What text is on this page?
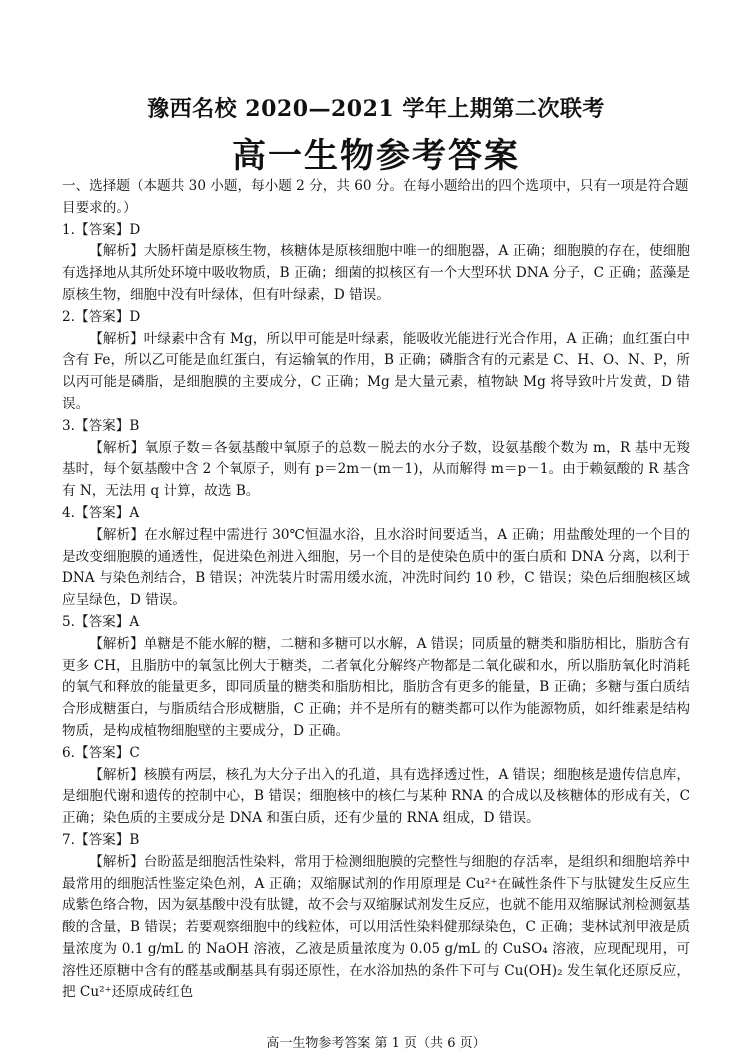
豫西名校 2020—2021 学年上期第二次联考
高一生物参考答案
一、选择题（本题共 30 小题，每小题 2 分，共 60 分。在每小题给出的四个选项中，只有一项是符合题目要求的。）

1.【答案】D

【解析】大肠杆菌是原核生物，核糖体是原核细胞中唯一的细胞器，A 正确；细胞膜的存在，使细胞有选择地从其所处环境中吸收物质，B 正确；细菌的拟核区有一个大型环状 DNA 分子，C 正确；蓝藻是原核生物，细胞中没有叶绿体，但有叶绿素，D 错误。

2.【答案】D

【解析】叶绿素中含有 Mg，所以甲可能是叶绿素，能吸收光能进行光合作用，A 正确；血红蛋白中含有 Fe，所以乙可能是血红蛋白，有运输氧的作用，B 正确；磷脂含有的元素是 C、H、O、N、P，所以丙可能是磷脂，是细胞膜的主要成分，C 正确；Mg 是大量元素，植物缺 Mg 将导致叶片发黄，D 错误。

3.【答案】B

【解析】氧原子数＝各氨基酸中氧原子的总数－脱去的水分子数，设氨基酸个数为 m，R 基中无羧基时，每个氨基酸中含 2 个氧原子，则有 p＝2m－(m－1)，从而解得 m＝p－1。由于赖氨酸的 R 基含有 N，无法用 q 计算，故选 B。

4.【答案】A

【解析】在水解过程中需进行 30℃恒温水浴，且水浴时间要适当，A 正确；用盐酸处理的一个目的是改变细胞膜的通透性，促进染色剂进入细胞，另一个目的是使染色质中的蛋白质和 DNA 分离，以利于 DNA 与染色剂结合，B 错误；冲洗装片时需用缓水流，冲洗时间约 10 秒，C 错误；染色后细胞核区域应呈绿色，D 错误。

5.【答案】A

【解析】单糖是不能水解的糖，二糖和多糖可以水解，A 错误；同质量的糖类和脂肪相比，脂肪含有更多 CH，且脂肪中的氧氢比例大于糖类，二者氧化分解终产物都是二氧化碳和水，所以脂肪氧化时消耗的氧气和释放的能量更多，即同质量的糖类和脂肪相比，脂肪含有更多的能量，B 正确；多糖与蛋白质结合形成糖蛋白，与脂质结合形成糖脂，C 正确；并不是所有的糖类都可以作为能源物质，如纤维素是结构物质，是构成植物细胞壁的主要成分，D 正确。

6.【答案】C

【解析】核膜有两层，核孔为大分子出入的孔道，具有选择透过性，A 错误；细胞核是遗传信息库，是细胞代谢和遗传的控制中心，B 错误；细胞核中的核仁与某种 RNA 的合成以及核糖体的形成有关，C 正确；染色质的主要成分是 DNA 和蛋白质，还有少量的 RNA 组成，D 错误。

7.【答案】B

【解析】台盼蓝是细胞活性染料，常用于检测细胞膜的完整性与细胞的存活率，是组织和细胞培养中最常用的细胞活性鉴定染色剂，A 正确；双缩脲试剂的作用原理是 Cu²⁺在碱性条件下与肽键发生反应生成紫色络合物，因为氨基酸中没有肽键，故不会与双缩脲试剂发生反应，也就不能用双缩脲试剂检测氨基酸的含量，B 错误；若要观察细胞中的线粒体，可以用活性染料健那绿染色，C 正确；斐林试剂甲液是质量浓度为 0.1 g/mL 的 NaOH 溶液，乙液是质量浓度为 0.05 g/mL 的 CuSO₄ 溶液，应现配现用，可溶性还原糖中含有的醛基或酮基具有弱还原性，在水浴加热的条件下可与 Cu(OH)₂ 发生氧化还原反应，把 Cu²⁺还原成砖红色

高一生物参考答案 第 1 页（共 6 页）
